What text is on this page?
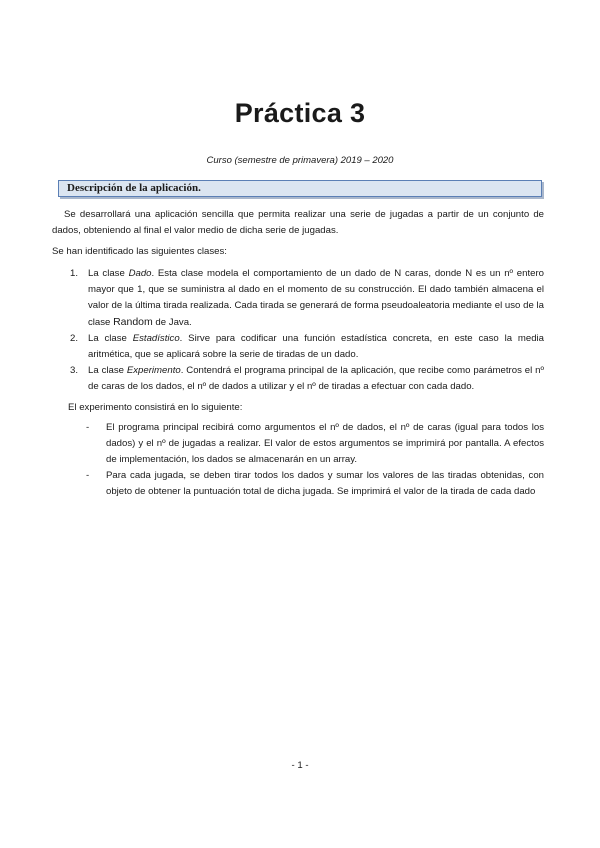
Práctica 3
Curso (semestre de primavera) 2019 – 2020
Descripción de la aplicación.
Se desarrollará una aplicación sencilla que permita realizar una serie de jugadas a partir de un conjunto de dados, obteniendo al final el valor medio de dicha serie de jugadas.
Se han identificado las siguientes clases:
1. La clase Dado. Esta clase modela el comportamiento de un dado de N caras, donde N es un nº entero mayor que 1, que se suministra al dado en el momento de su construcción. El dado también almacena el valor de la última tirada realizada. Cada tirada se generará de forma pseudoaleatoria mediante el uso de la clase Random de Java.
2. La clase Estadístico. Sirve para codificar una función estadística concreta, en este caso la media aritmética, que se aplicará sobre la serie de tiradas de un dado.
3. La clase Experimento. Contendrá el programa principal de la aplicación, que recibe como parámetros el nº de caras de los dados, el nº de dados a utilizar y el nº de tiradas a efectuar con cada dado.
El experimento consistirá en lo siguiente:
- El programa principal recibirá como argumentos el nº de dados, el nº de caras (igual para todos los dados) y el nº de jugadas a realizar. El valor de estos argumentos se imprimirá por pantalla. A efectos de implementación, los dados se almacenarán en un array.
- Para cada jugada, se deben tirar todos los dados y sumar los valores de las tiradas obtenidas, con objeto de obtener la puntuación total de dicha jugada. Se imprimirá el valor de la tirada de cada dado
- 1 -
